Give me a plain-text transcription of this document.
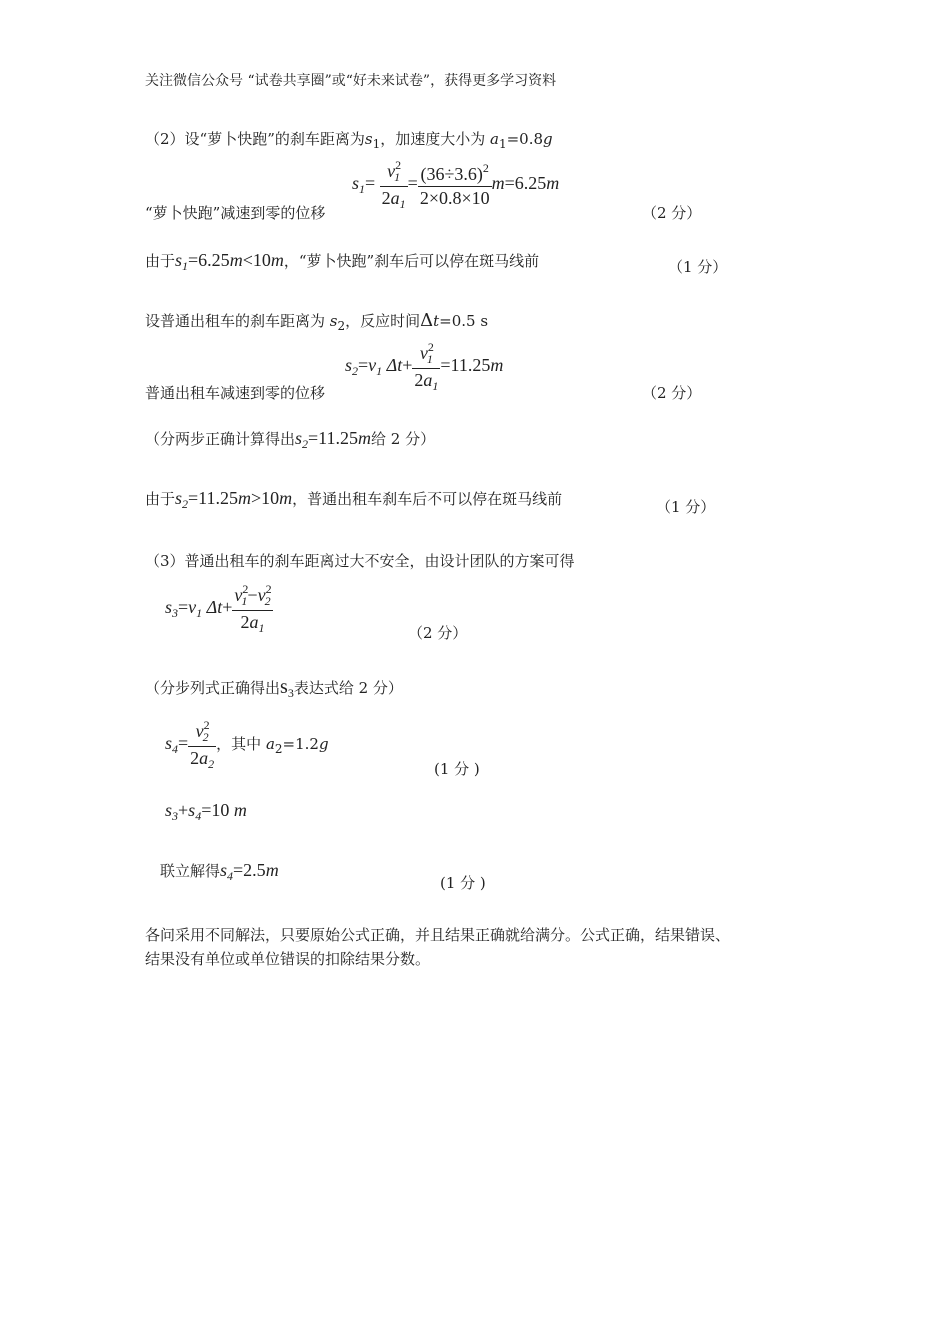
关注微信公众号 “试卷共享圈”或“好未来试卷”，获得更多学习资料
（2）设“萝卜快跑”的刹车距离为$s_1$，加速度大小为 $a_1=0.8g$
$s_1= \frac{v^2_1}{2a_1} = \frac{(36\div 3.6)^2}{2\times 0.8\times 10} m=6.25m$
“萝卜快跑”减速到零的位移	（2 分）
由于$s_1=6.25m<10m$，“萝卜快跑”刹车后可以停在斑马线前	（1 分）
设普通出租车的刹车距离为 $s_2$，反应时间Δt=0.5 s
$s_2=v_1$ $\Delta t+ \frac{v^2_1}{2a_1} =11.25m$
普通出租车减速到零的位移	（2 分）
（分两步正确计算得出$s_2=11.25m$给 2 分）
由于$s_2=11.25m>10m$，普通出租车刹车后不可以停在斑马线前	（1 分）
（3）普通出租车的刹车距离过大不安全，由设计团队的方案可得
$s_3=v_1$ $\Delta t+ \frac{v^2_1-v^2_2}{2a_1}$	（2 分）
（分步列式正确得出$s_3$表达式给 2 分）
$s_4= \frac{v^2_2}{2a_2}$ ，其中 $a_2=1.2g$
(1 分 )
$s_3+s_4=10$ m
联立解得$s_4=2.5m$
(1 分 )
各问采用不同解法，只要原始公式正确，并且结果正确就给满分。公式正确，结果错误、
结果没有单位或单位错误的扣除结果分数。
